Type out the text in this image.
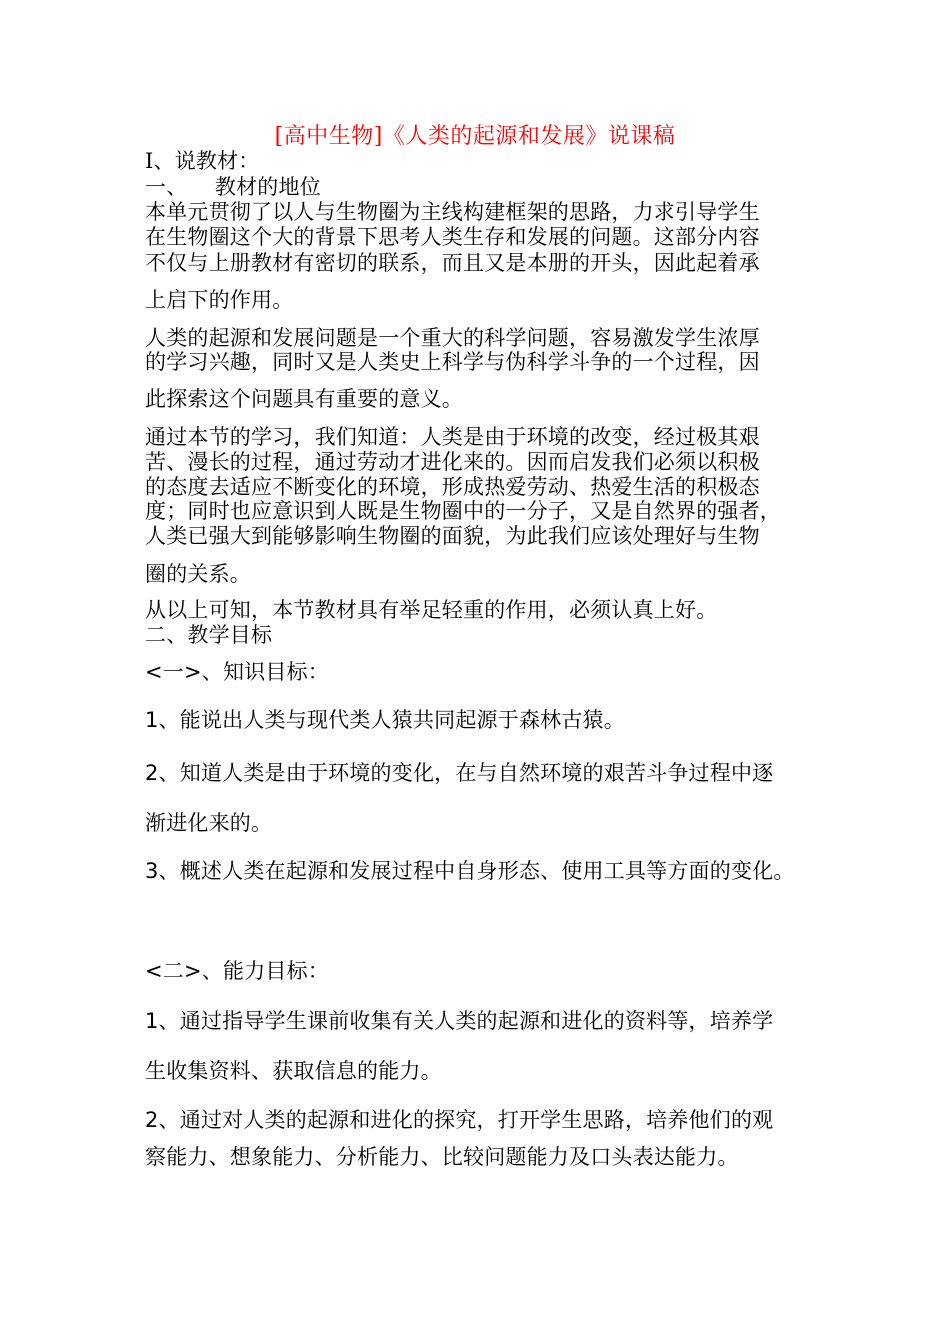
[高中生物]《人类的起源和发展》说课稿
Ⅰ、说教材：
一、    教材的地位
本单元贯彻了以人与生物圈为主线构建框架的思路，力求引导学生
在生物圈这个大的背景下思考人类生存和发展的问题。这部分内容
不仅与上册教材有密切的联系，而且又是本册的开头，因此起着承
上启下的作用。
人类的起源和发展问题是一个重大的科学问题，容易激发学生浓厚
的学习兴趣，同时又是人类史上科学与伪科学斗争的一个过程，因
此探索这个问题具有重要的意义。
通过本节的学习，我们知道：人类是由于环境的改变，经过极其艰
苦、漫长的过程，通过劳动才进化来的。因而启发我们必须以积极
的态度去适应不断变化的环境，形成热爱劳动、热爱生活的积极态
度；同时也应意识到人既是生物圈中的一分子，又是自然界的强者，
人类已强大到能够影响生物圈的面貌，为此我们应该处理好与生物
圈的关系。
从以上可知，本节教材具有举足轻重的作用，必须认真上好。
二、教学目标
<一>、知识目标：
1、能说出人类与现代类人猿共同起源于森林古猿。
2、知道人类是由于环境的变化，在与自然环境的艰苦斗争过程中逐
渐进化来的。
3、概述人类在起源和发展过程中自身形态、使用工具等方面的变化。
<二>、能力目标：
1、通过指导学生课前收集有关人类的起源和进化的资料等，培养学
生收集资料、获取信息的能力。
2、通过对人类的起源和进化的探究，打开学生思路，培养他们的观
察能力、想象能力、分析能力、比较问题能力及口头表达能力。
